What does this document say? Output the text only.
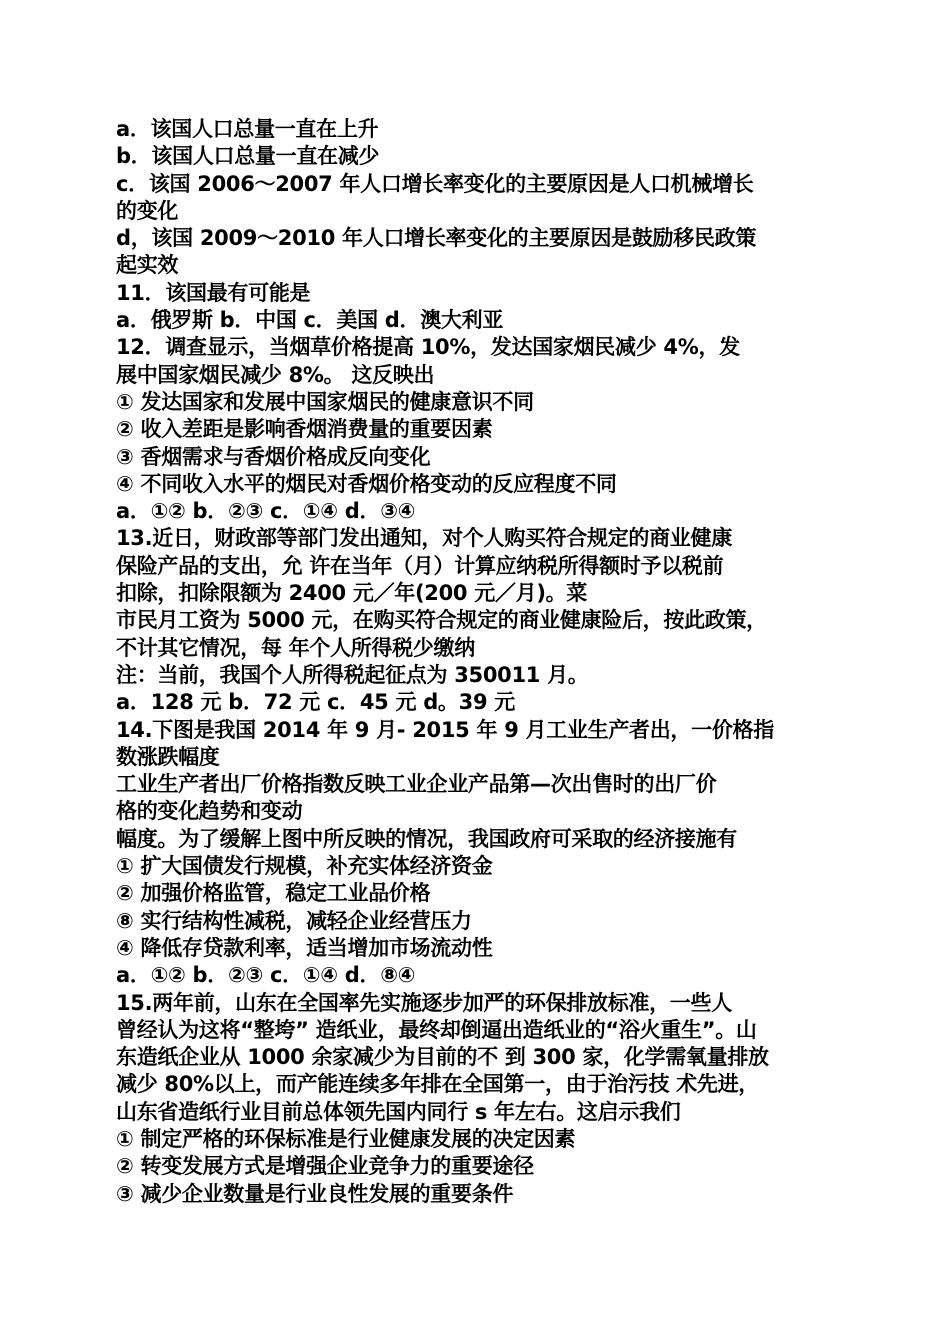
a．该国人口总量一直在上升
b．该国人口总量一直在减少
c．该国 2006～2007 年人口增长率变化的主要原因是人口机械增长
的变化
d，该国 2009～2010 年人口增长率变化的主要原因是鼓励移民政策
起实效
11．该国最有可能是
a．俄罗斯 b．中国 c．美国 d．澳大利亚
12．调查显示，当烟草价格提高 10%，发达国家烟民减少 4%，发
展中国家烟民减少 8%。 这反映出
① 发达国家和发展中国家烟民的健康意识不同
② 收入差距是影响香烟消费量的重要因素
③ 香烟需求与香烟价格成反向变化
④ 不同收入水平的烟民对香烟价格变动的反应程度不同
a．①② b．②③ c．①④ d．③④
13.近日，财政部等部门发出通知，对个人购买符合规定的商业健康
保险产品的支出，允 许在当年（月）计算应纳税所得额时予以税前
扣除，扣除限额为 2400 元／年(200 元／月)。菜
市民月工资为 5000 元，在购买符合规定的商业健康险后，按此政策，
不计其它情况，每 年个人所得税少缴纳
注：当前，我国个人所得税起征点为 350011 月。
a．128 元 b．72 元 c．45 元 d。39 元
14.下图是我国 2014 年 9 月- 2015 年 9 月工业生产者出，一价格指
数涨跌幅度
工业生产者出厂价格指数反映工业企业产品第—次出售时的出厂价
格的变化趋势和变动
幅度。为了缓解上图中所反映的情况，我国政府可采取的经济接施有
① 扩大国债发行规模，补充实体经济资金
② 加强价格监管，稳定工业品价格
⑧ 实行结构性减税，减轻企业经营压力
④ 降低存贷款利率，适当增加市场流动性
a．①② b．②③ c．①④ d．⑧④
15.两年前，山东在全国率先实施逐步加严的环保排放标准，一些人
曾经认为这将“整垮” 造纸业，最终却倒逼出造纸业的“浴火重生”。山
东造纸企业从 1000 余家减少为目前的不 到 300 家，化学需氧量排放
减少 80%以上，而产能连续多年排在全国第一，由于治污技 术先进，
山东省造纸行业目前总体领先国内同行 s 年左右。这启示我们
① 制定严格的环保标准是行业健康发展的决定因素
② 转变发展方式是增强企业竞争力的重要途径
③ 减少企业数量是行业良性发展的重要条件
